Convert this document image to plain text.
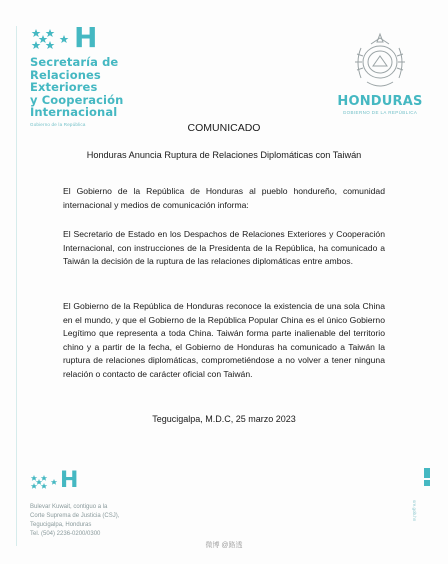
H
Secretaría de
Relaciones
Exteriores
y Cooperación
Internacional
Gobierno de la República
HONDURAS
GOBIERNO DE LA REPÚBLICA
COMUNICADO
Honduras Anuncia Ruptura de Relaciones Diplomáticas con Taiwán
El Gobierno de la República de Honduras al pueblo hondureño, comunidad internacional y medios de comunicación informa:
El Secretario de Estado en los Despachos de Relaciones Exteriores y Cooperación Internacional, con instrucciones de la Presidenta de la República, ha comunicado a Taiwán la decisión de la ruptura de las relaciones diplomáticas entre ambos.
El Gobierno de la República de Honduras reconoce la existencia de una sola China en el mundo, y que el Gobierno de la República Popular China es el único Gobierno Legítimo que representa a toda China. Taiwán forma parte inalienable del territorio chino y a partir de la fecha, el Gobierno de Honduras ha comunicado a Taiwán la ruptura de relaciones diplomáticas, comprometiéndose a no volver a tener ninguna relación o contacto de carácter oficial con Taiwán.
Tegucigalpa, M.D.C, 25 marzo 2023
H
Bulevar Kuwait, contiguo a la
Corte Suprema de Justicia (CSJ),
Tegucigalpa, Honduras
Tel. (504) 2236-0200/0300
sre.gob.hn
微博 @路透
